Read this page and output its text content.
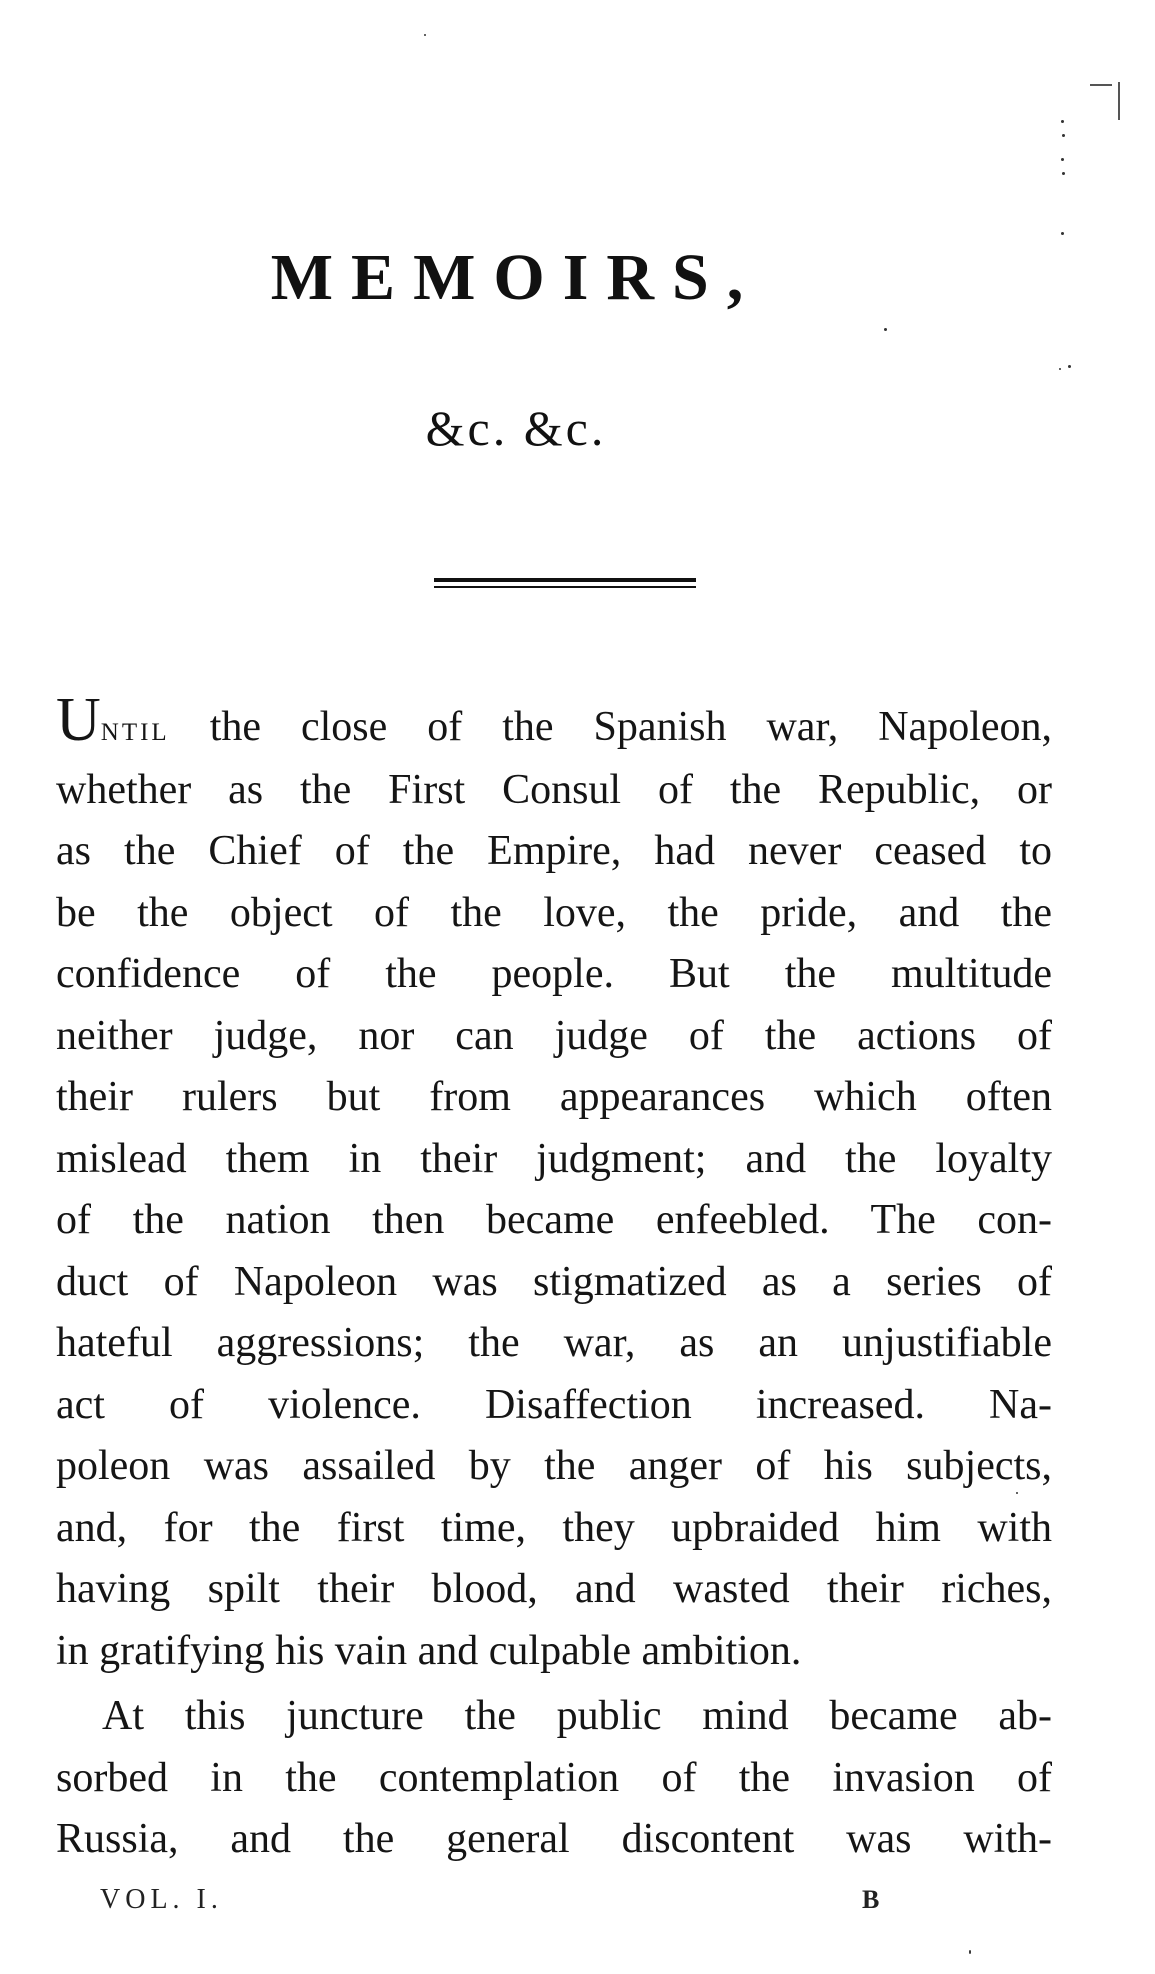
MEMOIRS,
&c. &c.
Until the close of the Spanish war, Napoleon,
whether as the First Consul of the Republic, or
as the Chief of the Empire, had never ceased to
be the object of the love, the pride, and the
confidence of the people. But the multitude
neither judge, nor can judge of the actions of
their rulers but from appearances which often
mislead them in their judgment; and the loyalty
of the nation then became enfeebled. The con-
duct of Napoleon was stigmatized as a series of
hateful aggressions; the war, as an unjustifiable
act of violence. Disaffection increased. Na-
poleon was assailed by the anger of his subjects,
and, for the first time, they upbraided him with
having spilt their blood, and wasted their riches,
in gratifying his vain and culpable ambition.
At this juncture the public mind became ab-
sorbed in the contemplation of the invasion of
Russia, and the general discontent was with-
VOL. I.	B
